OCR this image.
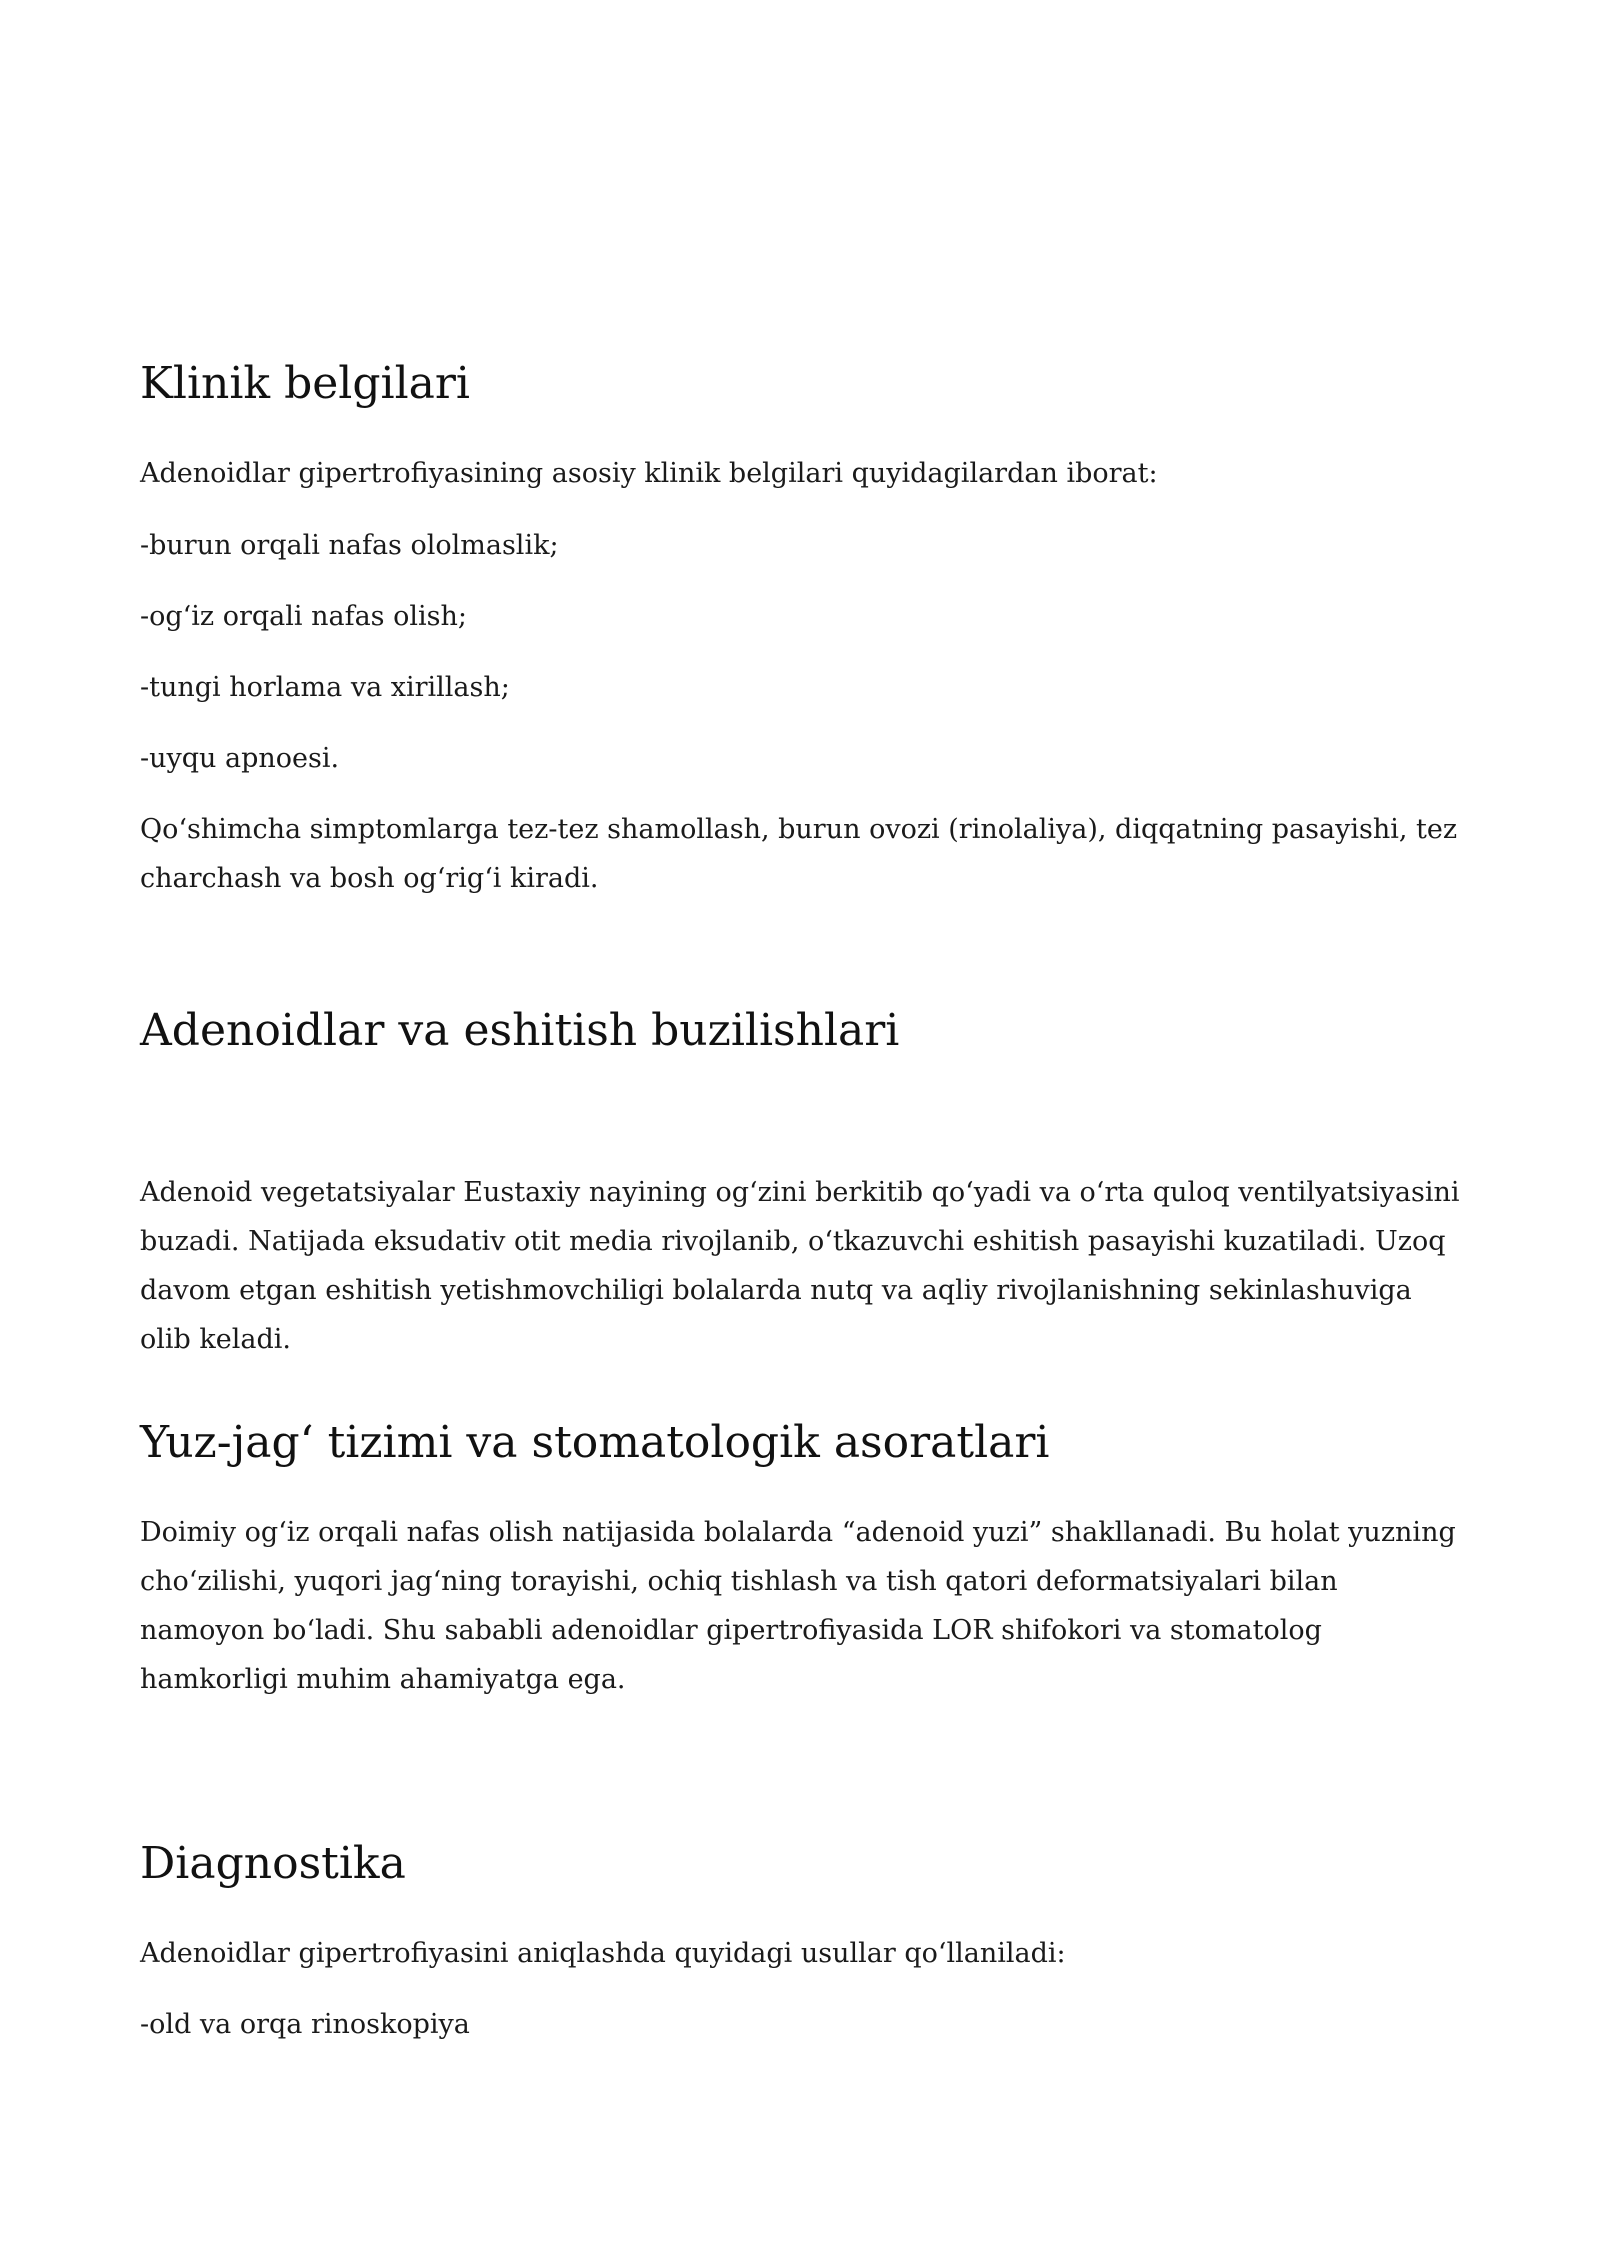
Klinik belgilari

Adenoidlar gipertrofiyasining asosiy klinik belgilari quyidagilardan iborat:

-burun orqali nafas ololmaslik;

-og‘iz orqali nafas olish;

-tungi horlama va xirillash;

-uyqu apnoesi.

Qo‘shimcha simptomlarga tez-tez shamollash, burun ovozi (rinolaliya), diqqatning pasayishi, tez charchash va bosh og‘rig‘i kiradi.

Adenoidlar va eshitish buzilishlari

Adenoid vegetatsiyalar Eustaxiy nayining og‘zini berkitib qo‘yadi va o‘rta quloq ventilyatsiyasini buzadi. Natijada eksudativ otit media rivojlanib, o‘tkazuvchi eshitish pasayishi kuzatiladi. Uzoq davom etgan eshitish yetishmovchiligi bolalarda nutq va aqliy rivojlanishning sekinlashuviga olib keladi.

Yuz-jag‘ tizimi va stomatologik asoratlari

Doimiy og‘iz orqali nafas olish natijasida bolalarda “adenoid yuzi” shakllanadi. Bu holat yuzning cho‘zilishi, yuqori jag‘ning torayishi, ochiq tishlash va tish qatori deformatsiyalari bilan namoyon bo‘ladi. Shu sababli adenoidlar gipertrofiyasida LOR shifokori va stomatolog hamkorligi muhim ahamiyatga ega.

Diagnostika

Adenoidlar gipertrofiyasini aniqlashda quyidagi usullar qo‘llaniladi:

-old va orqa rinoskopiya
